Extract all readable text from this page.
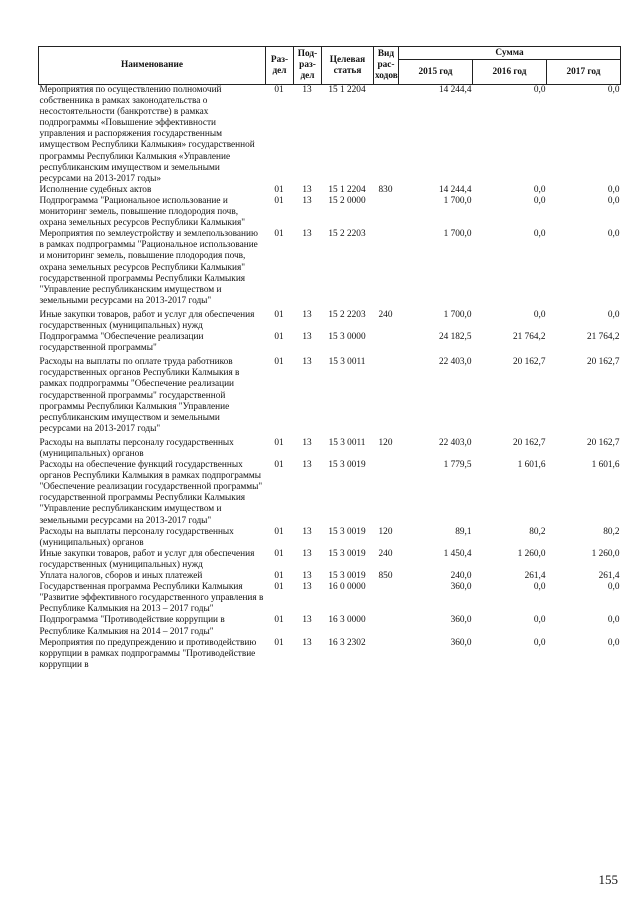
Наименование	Раз-дел	Под-раз-дел	Целевая статья	Вид рас-ходов	Сумма		
					2015 год	2016 год	2017 год
Мероприятия по осуществлению полномочий собственника в рамках законодательства о несостоятельности (банкротстве) в рамках подпрограммы «Повышение эффективности управления и распоряжения государственным имуществом Республики Калмыкия» государственной программы Республики Калмыкия «Управление республиканским имуществом и земельными ресурсами на 2013-2017 годы»	01	13	15 1 2204		14 244,4	0,0	0,0
Исполнение судебных актов	01	13	15 1 2204	830	14 244,4	0,0	0,0
Подпрограмма "Рациональное использование и мониторинг земель, повышение плодородия почв, охрана земельных ресурсов Республики Калмыкия"	01	13	15 2 0000		1 700,0	0,0	0,0
Мероприятия по землеустройству и землепользованию в рамках подпрограммы "Рациональное использование и мониторинг земель, повышение плодородия почв, охрана земельных ресурсов Республики Калмыкия" государственной программы Республики Калмыкия "Управление республиканским имуществом и земельными ресурсами на 2013-2017 годы"	01	13	15 2 2203		1 700,0	0,0	0,0
Иные закупки товаров, работ и услуг для обеспечения государственных (муниципальных) нужд	01	13	15 2 2203	240	1 700,0	0,0	0,0
Подпрограмма "Обеспечение реализации государственной программы"	01	13	15 3 0000		24 182,5	21 764,2	21 764,2
Расходы на выплаты по оплате труда работников государственных органов Республики Калмыкия в рамках подпрограммы "Обеспечение реализации государственной программы" государственной программы Республики Калмыкия "Управление республиканским имуществом и земельными ресурсами на 2013-2017 годы"	01	13	15 3 0011		22 403,0	20 162,7	20 162,7
Расходы на выплаты персоналу государственных (муниципальных) органов	01	13	15 3 0011	120	22 403,0	20 162,7	20 162,7
Расходы на обеспечение функций государственных органов Республики Калмыкия в рамках подпрограммы "Обеспечение реализации государственной программы" государственной программы Республики Калмыкия "Управление республиканским имуществом и земельными ресурсами на 2013-2017 годы"	01	13	15 3 0019		1 779,5	1 601,6	1 601,6
Расходы на выплаты персоналу государственных (муниципальных) органов	01	13	15 3 0019	120	89,1	80,2	80,2
Иные закупки товаров, работ и услуг для обеспечения государственных (муниципальных) нужд	01	13	15 3 0019	240	1 450,4	1 260,0	1 260,0
Уплата налогов, сборов и иных платежей	01	13	15 3 0019	850	240,0	261,4	261,4
Государственная программа Республики Калмыкия "Развитие эффективного государственного управления в Республике Калмыкия на 2013 – 2017 годы"	01	13	16 0 0000		360,0	0,0	0,0
Подпрограмма "Противодействие коррупции в Республике Калмыкия на 2014 – 2017 годы"	01	13	16 3 0000		360,0	0,0	0,0
Мероприятия по предупреждению и противодействию коррупции в рамках подпрограммы "Противодействие коррупции в	01	13	16 3 2302		360,0	0,0	0,0
155
